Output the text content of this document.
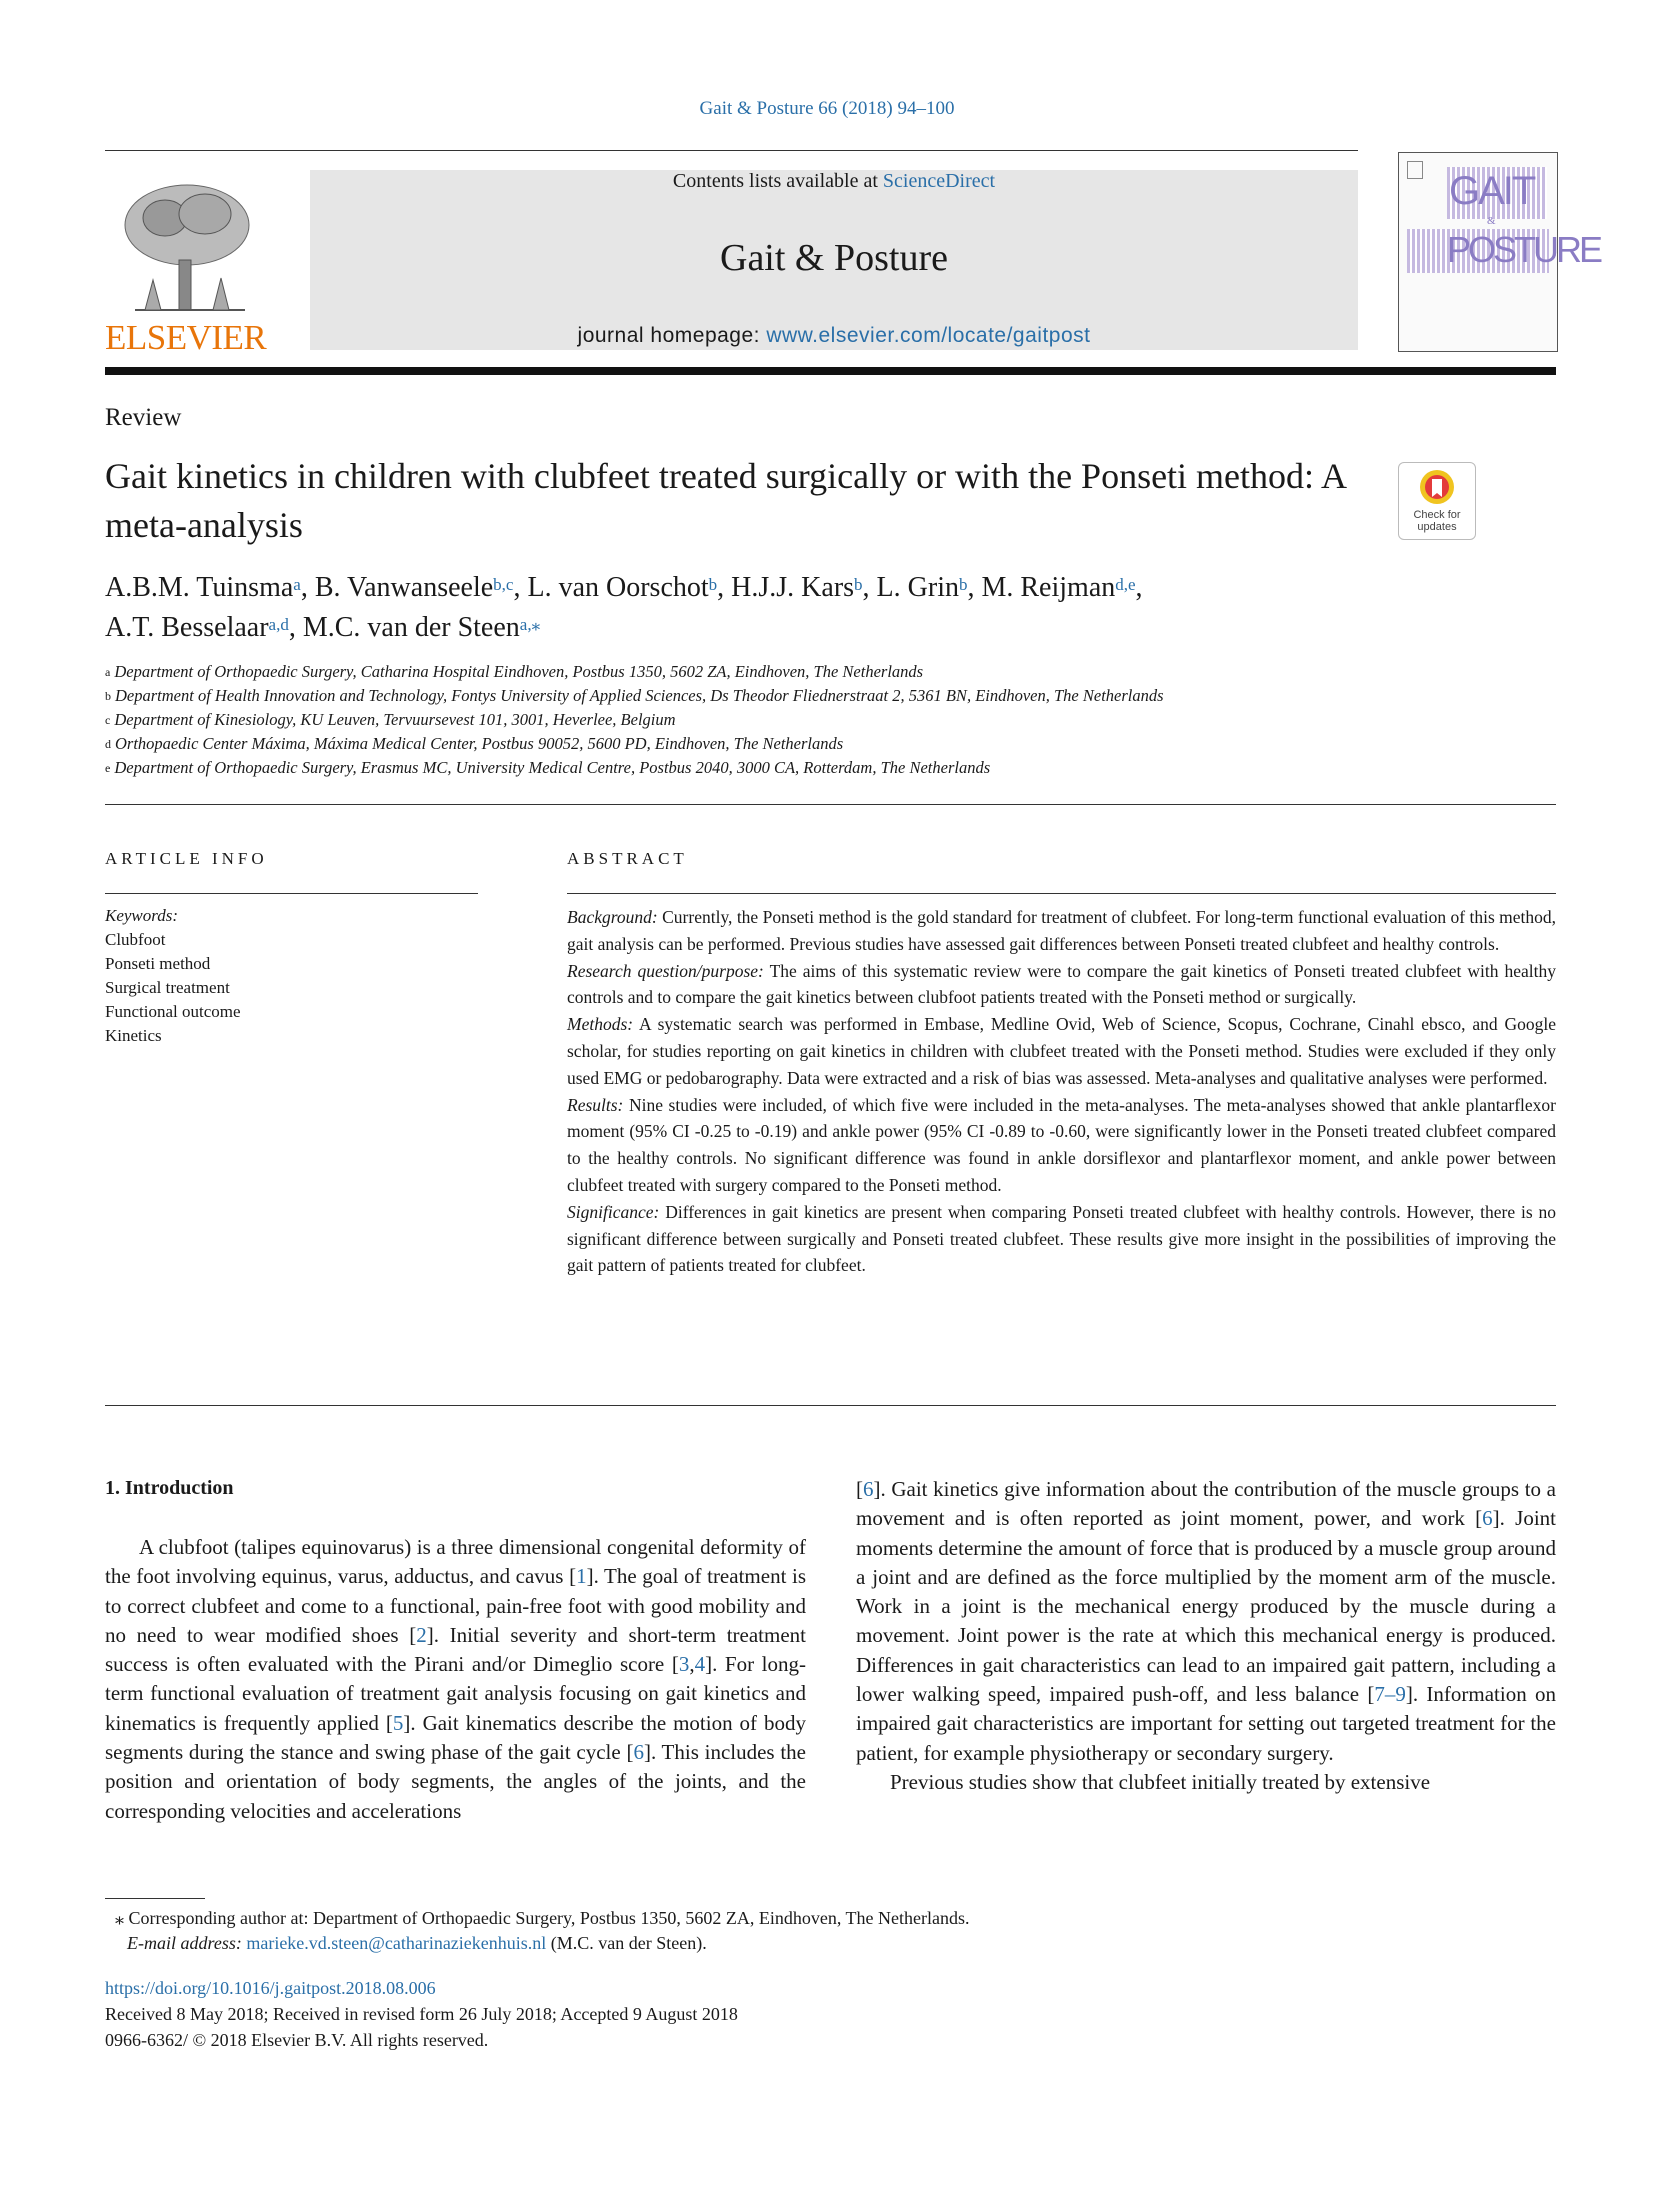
Gait & Posture 66 (2018) 94–100
ELSEVIER
Contents lists available at ScienceDirect
Gait & Posture
journal homepage: www.elsevier.com/locate/gaitpost
GAIT
&
POSTURE
Review
Gait kinetics in children with clubfeet treated surgically or with the Ponseti method: A meta-analysis	Check for updates
A.B.M. Tuinsma$^a$, B. Vanwanseele$^{b,c}$, L. van Oorschot$^b$, H.J.J. Kars$^b$, L. Grin$^b$, M. Reijman$^{d,e}$,
A.T. Besselaar$^{a,d}$, M.C. van der Steen$^{a,⁎}$
$^a$ Department of Orthopaedic Surgery, Catharina Hospital Eindhoven, Postbus 1350, 5602 ZA, Eindhoven, The Netherlands
$^b$ Department of Health Innovation and Technology, Fontys University of Applied Sciences, Ds Theodor Fliednerstraat 2, 5361 BN, Eindhoven, The Netherlands
$^c$ Department of Kinesiology, KU Leuven, Tervuursevest 101, 3001, Heverlee, Belgium
$^d$ Orthopaedic Center Máxima, Máxima Medical Center, Postbus 90052, 5600 PD, Eindhoven, The Netherlands
$^e$ Department of Orthopaedic Surgery, Erasmus MC, University Medical Centre, Postbus 2040, 3000 CA, Rotterdam, The Netherlands
ARTICLE INFO
Keywords:
Clubfoot
Ponseti method
Surgical treatment
Functional outcome
Kinetics
ABSTRACT

Background: Currently, the Ponseti method is the gold standard for treatment of clubfeet. For long-term functional evaluation of this method, gait analysis can be performed. Previous studies have assessed gait differences between Ponseti treated clubfeet and healthy controls.

Research question/purpose: The aims of this systematic review were to compare the gait kinetics of Ponseti treated clubfeet with healthy controls and to compare the gait kinetics between clubfoot patients treated with the Ponseti method or surgically.

Methods: A systematic search was performed in Embase, Medline Ovid, Web of Science, Scopus, Cochrane, Cinahl ebsco, and Google scholar, for studies reporting on gait kinetics in children with clubfeet treated with the Ponseti method. Studies were excluded if they only used EMG or pedobarography. Data were extracted and a risk of bias was assessed. Meta-analyses and qualitative analyses were performed.

Results: Nine studies were included, of which five were included in the meta-analyses. The meta-analyses showed that ankle plantarflexor moment (95% CI -0.25 to -0.19) and ankle power (95% CI -0.89 to -0.60, were significantly lower in the Ponseti treated clubfeet compared to the healthy controls. No significant difference was found in ankle dorsiflexor and plantarflexor moment, and ankle power between clubfeet treated with surgery compared to the Ponseti method.

Significance: Differences in gait kinetics are present when comparing Ponseti treated clubfeet with healthy controls. However, there is no significant difference between surgically and Ponseti treated clubfeet. These results give more insight in the possibilities of improving the gait pattern of patients treated for clubfeet.

1. Introduction

A clubfoot (talipes equinovarus) is a three dimensional congenital deformity of the foot involving equinus, varus, adductus, and cavus [1]. The goal of treatment is to correct clubfeet and come to a functional, pain-free foot with good mobility and no need to wear modified shoes [2]. Initial severity and short-term treatment success is often evaluated with the Pirani and/or Dimeglio score [3,4]. For long-term functional evaluation of treatment gait analysis focusing on gait kinetics and kinematics is frequently applied [5]. Gait kinematics describe the motion of body segments during the stance and swing phase of the gait cycle [6]. This includes the position and orientation of body segments, the angles of the joints, and the corresponding velocities and accelerations

[6]. Gait kinetics give information about the contribution of the muscle groups to a movement and is often reported as joint moment, power, and work [6]. Joint moments determine the amount of force that is produced by a muscle group around a joint and are defined as the force multiplied by the moment arm of the muscle. Work in a joint is the mechanical energy produced by the muscle during a movement. Joint power is the rate at which this mechanical energy is produced. Differences in gait characteristics can lead to an impaired gait pattern, including a lower walking speed, impaired push-off, and less balance [7–9]. Information on impaired gait characteristics are important for setting out targeted treatment for the patient, for example physiotherapy or secondary surgery.

Previous studies show that clubfeet initially treated by extensive

⁎ Corresponding author at: Department of Orthopaedic Surgery, Postbus 1350, 5602 ZA, Eindhoven, The Netherlands.
E-mail address: marieke.vd.steen@catharinaziekenhuis.nl (M.C. van der Steen).
https://doi.org/10.1016/j.gaitpost.2018.08.006
Received 8 May 2018; Received in revised form 26 July 2018; Accepted 9 August 2018
0966-6362/ © 2018 Elsevier B.V. All rights reserved.
